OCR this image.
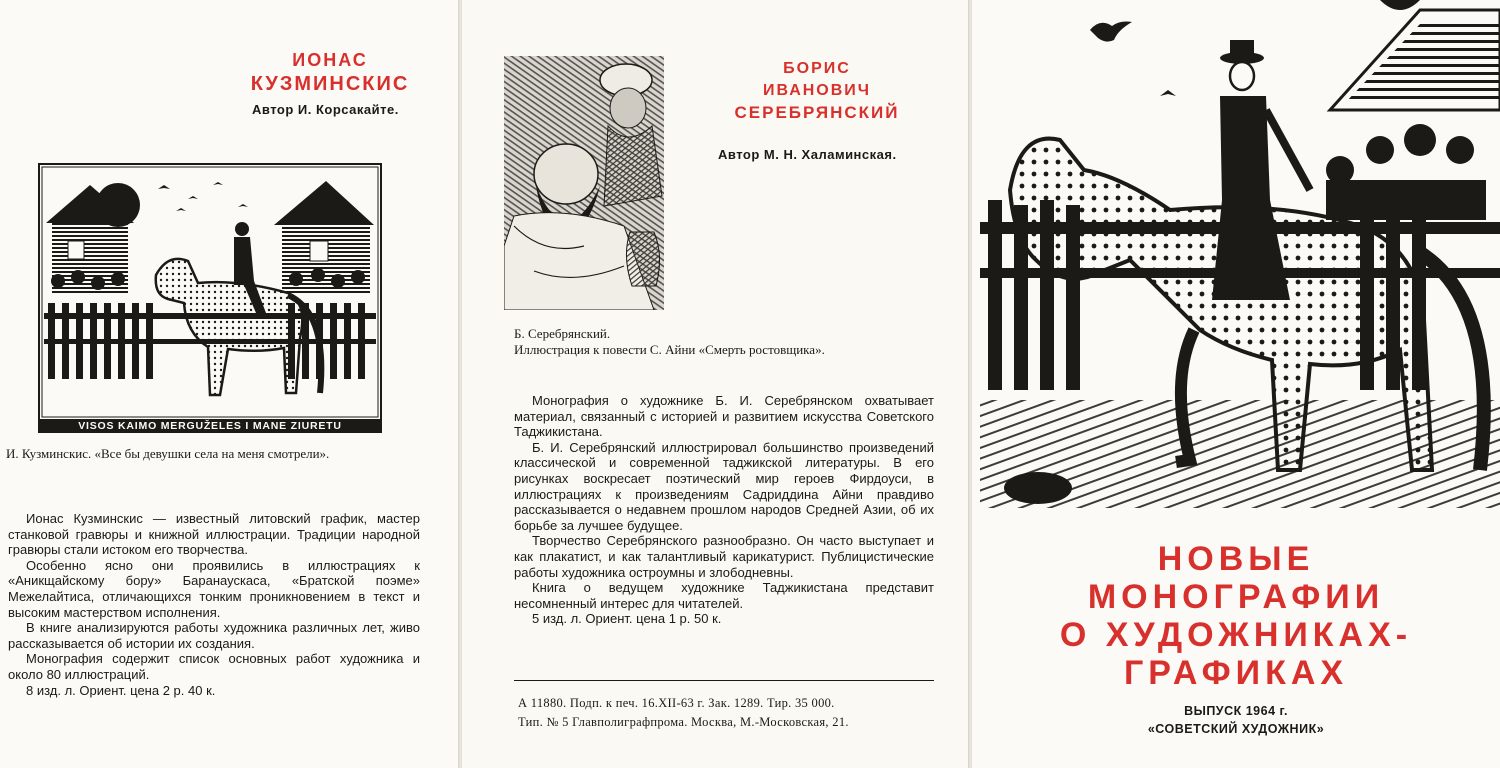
ИОНАС
КУЗМИНСКИС
Автор И. Корсакайте.
VISOS KAIMO MERGUŽELES I MANE ZIURETU
И. Кузминскис. «Все бы девушки села на меня смотрели».

Ионас Кузминскис — известный литовский график, мастер станковой гравюры и книжной иллюстрации. Традиции народной гравюры стали истоком его творчества.

Особенно ясно они проявились в иллюстрациях к «Аникщайскому бору» Баранаускаса, «Братской поэме» Межелайтиса, отличающихся тонким проникновением в текст и высоким мастерством исполнения.

В книге анализируются работы художника различных лет, живо рассказывается об истории их создания.

Монография содержит список основных работ художника и около 80 иллюстраций.

8 изд. л. Ориент. цена 2 р. 40 к.

БОРИС
ИВАНОВИЧ
СЕРЕБРЯНСКИЙ
Автор М. Н. Халаминская.
Б. Серебрянский.
Иллюстрация к повести С. Айни «Смерть ростовщика».

Монография о художнике Б. И. Серебрянском охватывает материал, связанный с историей и развитием искусства Советского Таджикистана.

Б. И. Серебрянский иллюстрировал большинство произведений классической и современной таджикской литературы. В его рисунках воскресает поэтический мир героев Фирдоуси, в иллюстрациях к произведениям Садриддина Айни правдиво рассказывается о недавнем прошлом народов Средней Азии, об их борьбе за лучшее будущее.

Творчество Серебрянского разнообразно. Он часто выступает и как плакатист, и как талантливый карикатурист. Публицистические работы художника остроумны и злободневны.

Книга о ведущем художнике Таджикистана представит несомненный интерес для читателей.

5 изд. л. Ориент. цена 1 р. 50 к.

А 11880. Подп. к печ. 16.XII-63 г. Зак. 1289. Тир. 35 000.
Тип. № 5 Главполиграфпрома. Москва, М.-Московская, 21.
НОВЫЕ
МОНОГРАФИИ
О ХУДОЖНИКАХ-
ГРАФИКАХ
ВЫПУСК 1964 г.
«СОВЕТСКИЙ ХУДОЖНИК»
